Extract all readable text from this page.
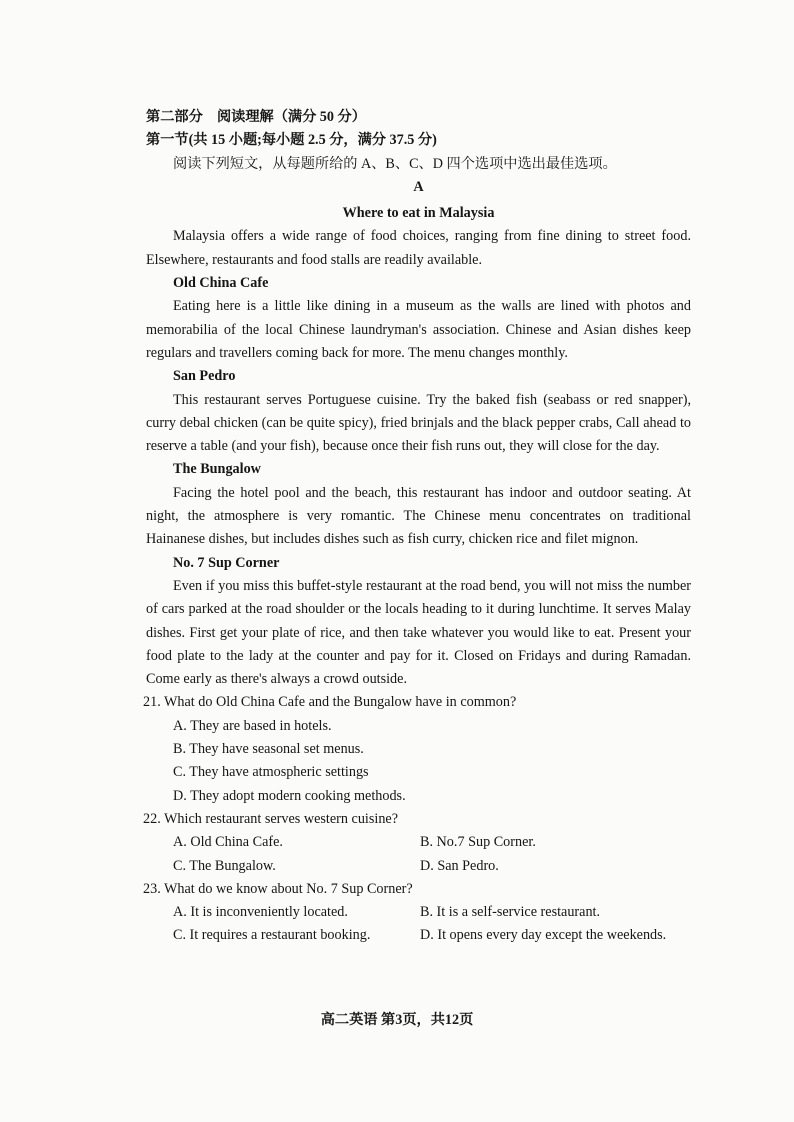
第二部分　阅读理解（满分 50 分）

第一节(共 15 小题;每小题 2.5 分，满分 37.5 分)

阅读下列短文，从每题所给的 A、B、C、D 四个选项中选出最佳选项。

A

Where to eat in Malaysia

Malaysia offers a wide range of food choices, ranging from fine dining to street food. Elsewhere, restaurants and food stalls are readily available.

Old China Cafe

Eating here is a little like dining in a museum as the walls are lined with photos and memorabilia of the local Chinese laundryman's association. Chinese and Asian dishes keep regulars and travellers coming back for more. The menu changes monthly.

San Pedro

This restaurant serves Portuguese cuisine. Try the baked fish (seabass or red snapper), curry debal chicken (can be quite spicy), fried brinjals and the black pepper crabs, Call ahead to reserve a table (and your fish), because once their fish runs out, they will close for the day.

The Bungalow

Facing the hotel pool and the beach, this restaurant has indoor and outdoor seating. At night, the atmosphere is very romantic. The Chinese menu concentrates on traditional Hainanese dishes, but includes dishes such as fish curry, chicken rice and filet mignon.

No. 7 Sup Corner

Even if you miss this buffet-style restaurant at the road bend, you will not miss the number of cars parked at the road shoulder or the locals heading to it during lunchtime. It serves Malay dishes. First get your plate of rice, and then take whatever you would like to eat. Present your food plate to the lady at the counter and pay for it. Closed on Fridays and during Ramadan. Come early as there's always a crowd outside.

21. What do Old China Cafe and the Bungalow have in common?

A. They are based in hotels.

B. They have seasonal set menus.

C. They have atmospheric settings

D. They adopt modern cooking methods.

22. Which restaurant serves western cuisine?

A. Old China Cafe.	B. No.7 Sup Corner.
C. The Bungalow.	D. San Pedro.

23. What do we know about No. 7 Sup Corner?

A. It is inconveniently located.	B. It is a self-service restaurant.
C. It requires a restaurant booking.	D. It opens every day except the weekends.
高二英语 第3页，共12页
